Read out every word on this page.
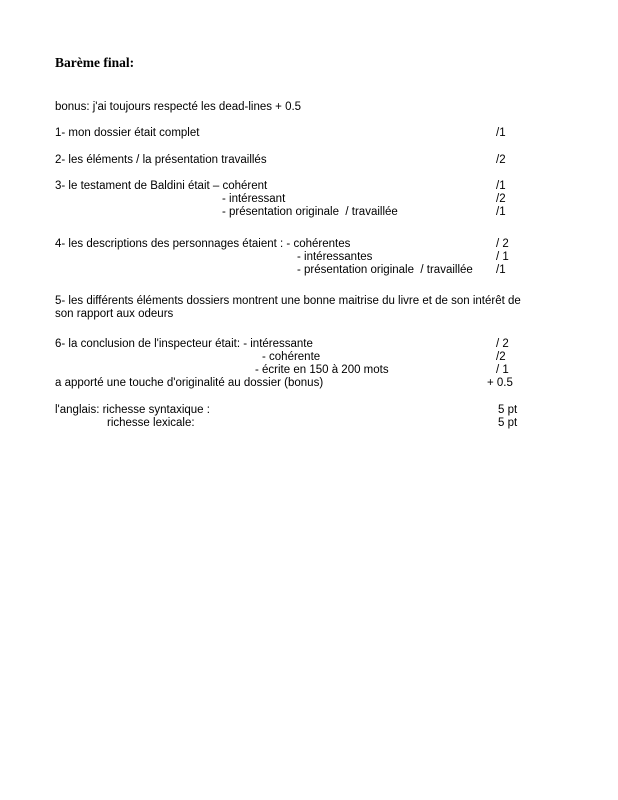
Barème final:
bonus: j'ai toujours respecté les dead-lines + 0.5
1- mon dossier était complet	/1
2- les éléments / la présentation travaillés	/2
3- le testament de Baldini était – cohérent	/1
- intéressant	/2
- présentation originale  / travaillée	/1
4- les descriptions des personnages étaient : - cohérentes	/ 2
- intéressantes	/ 1
- présentation originale  / travaillée /1
5- les différents éléments dossiers montrent une bonne maitrise du livre et de son intérêt de
son rapport aux odeurs
6- la conclusion de l'inspecteur était: - intéressante	/ 2
- cohérente	/2
- écrite en 150 à 200 mots	/ 1
a apporté une touche d'originalité au dossier (bonus)	+ 0.5
l'anglais: richesse syntaxique :	5 pt
richesse lexicale:	5 pt
